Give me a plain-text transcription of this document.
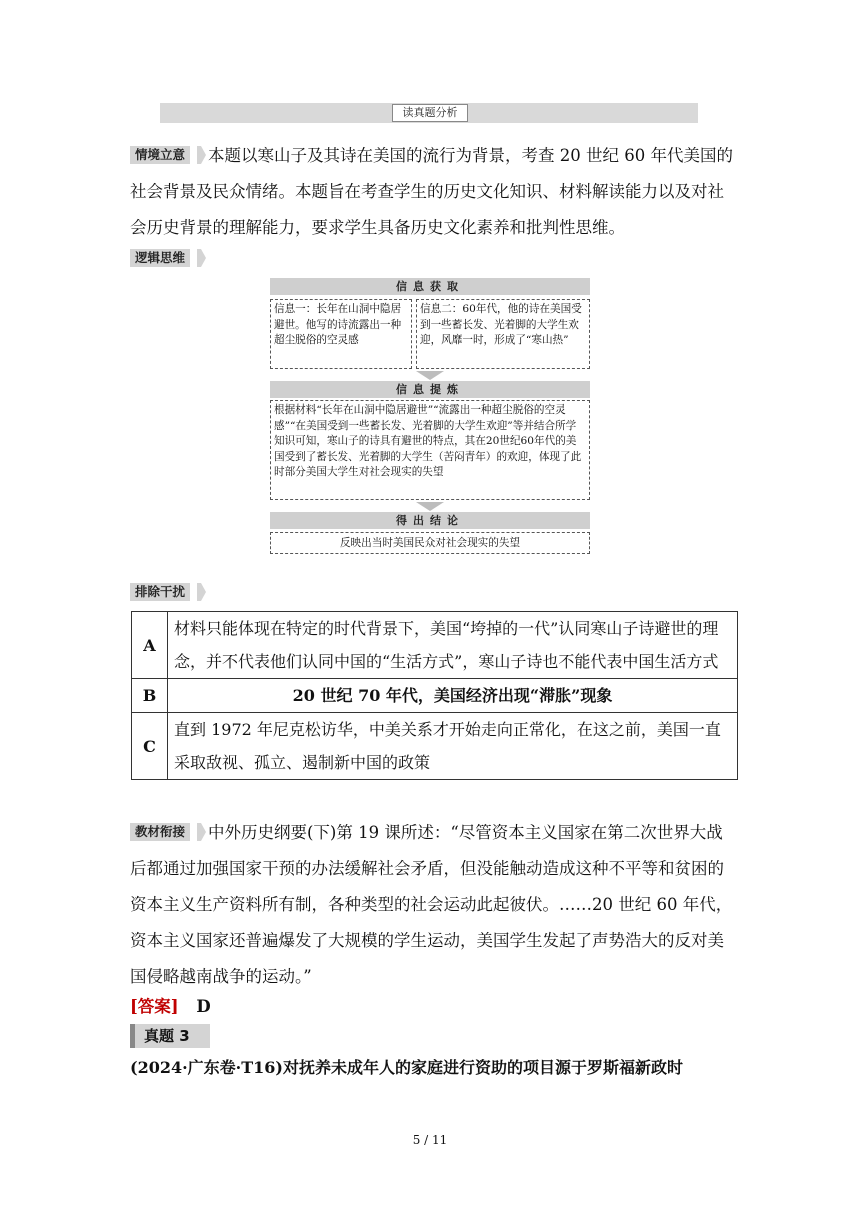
读真题分析
情境立意	本题以寒山子及其诗在美国的流行为背景，考查 20 世纪 60 年代美国的社会背景及民众情绪。本题旨在考查学生的历史文化知识、材料解读能力以及对社会历史背景的理解能力，要求学生具备历史文化素养和批判性思维。
逻辑思维
信息获取
信息一：长年在山洞中隐居避世。他写的诗流露出一种超尘脱俗的空灵感
信息二：60年代，他的诗在美国受到一些蓄长发、光着脚的大学生欢迎，风靡一时，形成了“寒山热”
信息提炼
根据材料“长年在山洞中隐居避世”“流露出一种超尘脱俗的空灵感”“在美国受到一些蓄长发、光着脚的大学生欢迎”等并结合所学知识可知，寒山子的诗具有避世的特点，其在20世纪60年代的美国受到了蓄长发、光着脚的大学生（苦闷青年）的欢迎，体现了此时部分美国大学生对社会现实的失望
得出结论
反映出当时美国民众对社会现实的失望
排除干扰
A	材料只能体现在特定的时代背景下，美国“垮掉的一代”认同寒山子诗避世的理念，并不代表他们认同中国的“生活方式”，寒山子诗也不能代表中国生活方式
B	20 世纪 70 年代，美国经济出现“滞胀”现象
C	直到 1972 年尼克松访华，中美关系才开始走向正常化，在这之前，美国一直采取敌视、孤立、遏制新中国的政策
教材衔接	中外历史纲要(下)第 19 课所述：“尽管资本主义国家在第二次世界大战后都通过加强国家干预的办法缓解社会矛盾，但没能触动造成这种不平等和贫困的资本主义生产资料所有制，各种类型的社会运动此起彼伏。……20 世纪 60 年代，资本主义国家还普遍爆发了大规模的学生运动，美国学生发起了声势浩大的反对美国侵略越南战争的运动。”
[答案] D
真题 3
(2024·广东卷·T16)对抚养未成年人的家庭进行资助的项目源于罗斯福新政时
5 / 11
